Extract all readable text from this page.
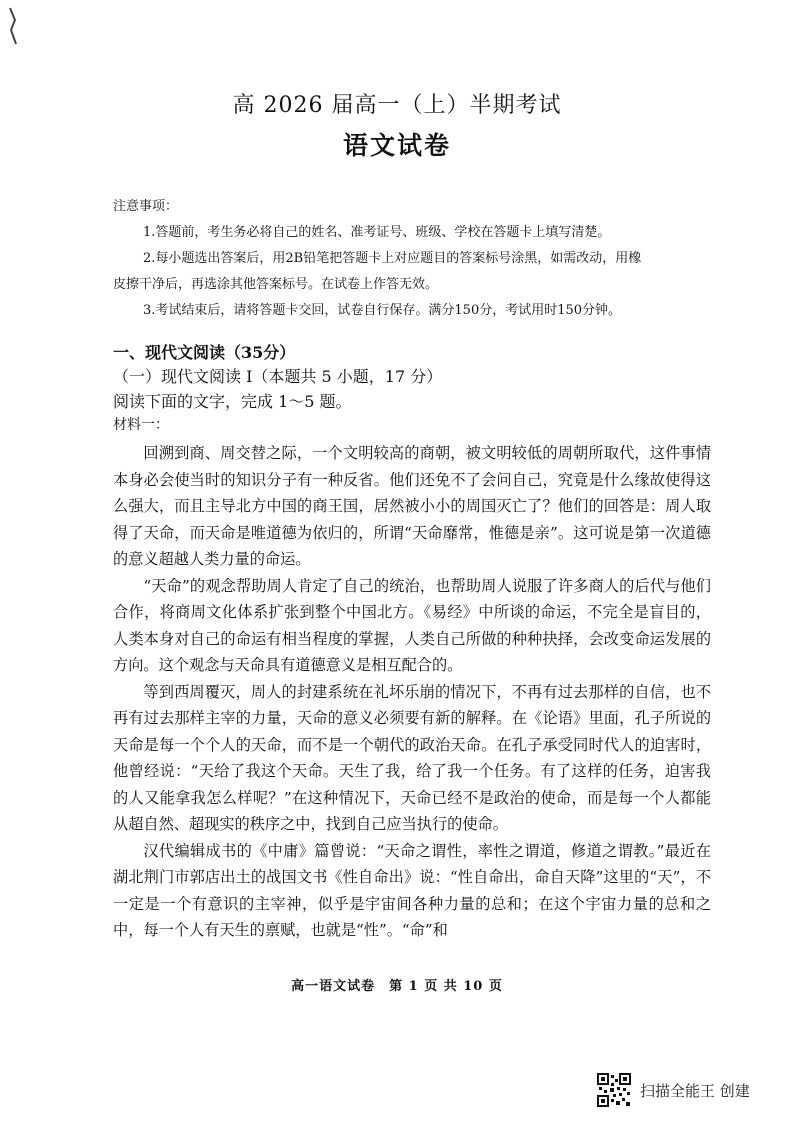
高 2026 届高一（上）半期考试
语文试卷
注意事项：
1.答题前，考生务必将自己的姓名、准考证号、班级、学校在答题卡上填写清楚。
2.每小题选出答案后，用2B铅笔把答题卡上对应题目的答案标号涂黑，如需改动，用橡
皮擦干净后，再选涂其他答案标号。在试卷上作答无效。
3.考试结束后，请将答题卡交回，试卷自行保存。满分150分，考试用时150分钟。
一、现代文阅读（35分）
（一）现代文阅读 I（本题共 5 小题，17 分）
阅读下面的文字，完成 1～5 题。
材料一：

回溯到商、周交替之际，一个文明较高的商朝，被文明较低的周朝所取代，这件事情本身必会使当时的知识分子有一种反省。他们还免不了会问自己，究竟是什么缘故使得这么强大，而且主导北方中国的商王国，居然被小小的周国灭亡了？他们的回答是：周人取得了天命，而天命是唯道德为依归的，所谓“天命靡常，惟德是亲”。这可说是第一次道德的意义超越人类力量的命运。

“天命”的观念帮助周人肯定了自己的统治，也帮助周人说服了许多商人的后代与他们合作，将商周文化体系扩张到整个中国北方。《易经》中所谈的命运，不完全是盲目的，人类本身对自己的命运有相当程度的掌握，人类自己所做的种种抉择，会改变命运发展的方向。这个观念与天命具有道德意义是相互配合的。

等到西周覆灭，周人的封建系统在礼坏乐崩的情况下，不再有过去那样的自信，也不再有过去那样主宰的力量，天命的意义必须要有新的解释。在《论语》里面，孔子所说的天命是每一个个人的天命，而不是一个朝代的政治天命。在孔子承受同时代人的迫害时，他曾经说：“天给了我这个天命。天生了我，给了我一个任务。有了这样的任务，迫害我的人又能拿我怎么样呢？”在这种情况下，天命已经不是政治的使命，而是每一个人都能从超自然、超现实的秩序之中，找到自己应当执行的使命。

汉代编辑成书的《中庸》篇曾说：“天命之谓性，率性之谓道，修道之谓教。”最近在湖北荆门市郭店出土的战国文书《性自命出》说：“性自命出，命自天降”这里的“天”，不一定是一个有意识的主宰神，似乎是宇宙间各种力量的总和；在这个宇宙力量的总和之中，每一个人有天生的禀赋，也就是“性”。“命”和

高一语文试卷　第 1 页 共 10 页
扫描全能王 创建
